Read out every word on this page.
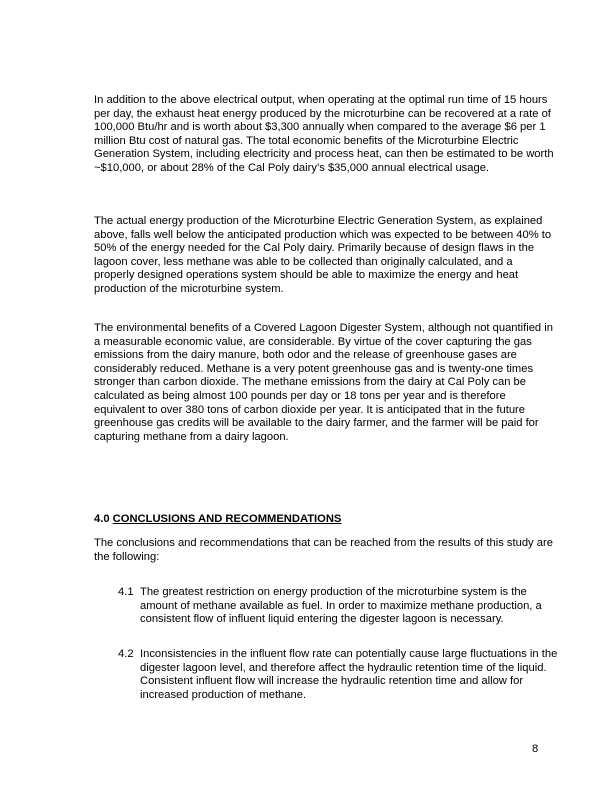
In addition to the above electrical output, when operating at the optimal run time of 15 hours per day, the exhaust heat energy produced by the microturbine can be recovered at a rate of 100,000 Btu/hr and is worth about $3,300 annually when compared to the average $6 per 1 million Btu cost of natural gas. The total economic benefits of the Microturbine Electric Generation System, including electricity and process heat, can then be estimated to be worth ~$10,000, or about 28% of the Cal Poly dairy’s $35,000 annual electrical usage.

The actual energy production of the Microturbine Electric Generation System, as explained above, falls well below the anticipated production which was expected to be between 40% to 50% of the energy needed for the Cal Poly dairy. Primarily because of design flaws in the lagoon cover, less methane was able to be collected than originally calculated, and a properly designed operations system should be able to maximize the energy and heat production of the microturbine system.

The environmental benefits of a Covered Lagoon Digester System, although not quantified in a measurable economic value, are considerable. By virtue of the cover capturing the gas emissions from the dairy manure, both odor and the release of greenhouse gases are considerably reduced. Methane is a very potent greenhouse gas and is twenty-one times stronger than carbon dioxide. The methane emissions from the dairy at Cal Poly can be calculated as being almost 100 pounds per day or 18 tons per year and is therefore equivalent to over 380 tons of carbon dioxide per year. It is anticipated that in the future greenhouse gas credits will be available to the dairy farmer, and the farmer will be paid for capturing methane from a dairy lagoon.

4.0 CONCLUSIONS AND RECOMMENDATIONS

The conclusions and recommendations that can be reached from the results of this study are the following:

4.1 The greatest restriction on energy production of the microturbine system is the amount of methane available as fuel. In order to maximize methane production, a consistent flow of influent liquid entering the digester lagoon is necessary.
4.2 Inconsistencies in the influent flow rate can potentially cause large fluctuations in the digester lagoon level, and therefore affect the hydraulic retention time of the liquid. Consistent influent flow will increase the hydraulic retention time and allow for increased production of methane.
8
